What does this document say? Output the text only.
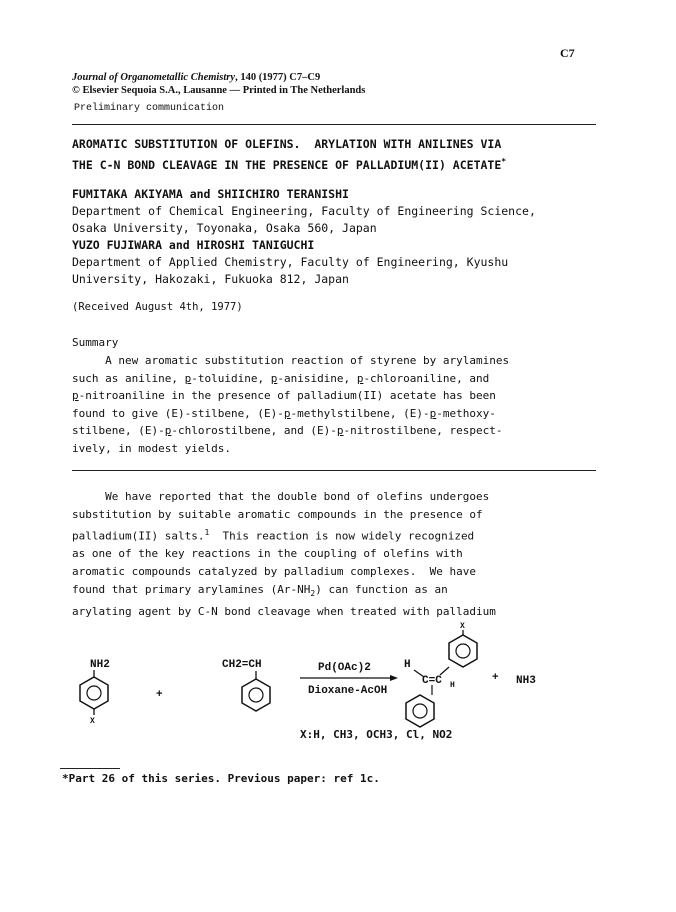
C7
Journal of Organometallic Chemistry, 140 (1977) C7–C9
© Elsevier Sequoia S.A., Lausanne — Printed in The Netherlands
Preliminary communication
AROMATIC SUBSTITUTION OF OLEFINS.  ARYLATION WITH ANILINES VIA
THE C-N BOND CLEAVAGE IN THE PRESENCE OF PALLADIUM(II) ACETATE*
FUMITAKA AKIYAMA and SHIICHIRO TERANISHI
Department of Chemical Engineering, Faculty of Engineering Science,
Osaka University, Toyonaka, Osaka 560, Japan
YUZO FUJIWARA and HIROSHI TANIGUCHI
Department of Applied Chemistry, Faculty of Engineering, Kyushu
University, Hakozaki, Fukuoka 812, Japan
(Received August 4th, 1977)
Summary
A new aromatic substitution reaction of styrene by arylamines
such as aniline, p-toluidine, p-anisidine, p-chloroaniline, and
p-nitroaniline in the presence of palladium(II) acetate has been
found to give (E)-stilbene, (E)-p-methylstilbene, (E)-p-methoxy-
stilbene, (E)-p-chlorostilbene, and (E)-p-nitrostilbene, respect-
ively, in modest yields.
We have reported that the double bond of olefins undergoes
substitution by suitable aromatic compounds in the presence of
palladium(II) salts.$^1$  This reaction is now widely recognized
as one of the key reactions in the coupling of olefins with
aromatic compounds catalyzed by palladium complexes.  We have
found that primary arylamines $(Ar-NH_2)$ can function as an
arylating agent by C-N bond cleavage when treated with palladium
NH2
X
+
CH2=CH	Pd(OAc)2
Dioxane-AcOH
X
H
C=C H
+ NH3
X:H, CH3, OCH3, Cl, NO2
*Part 26 of this series. Previous paper: ref 1c.
